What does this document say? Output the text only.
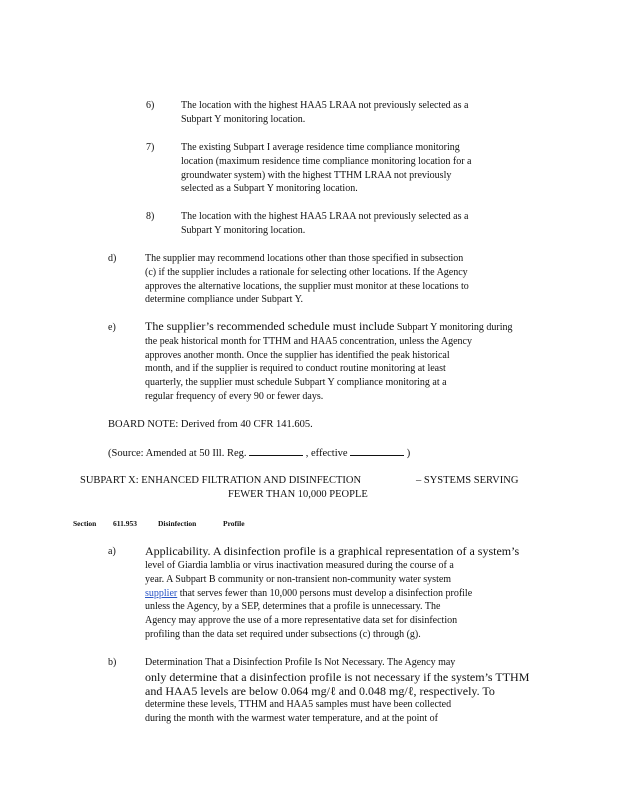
6)	The location with the highest HAA5 LRAA not previously selected as a
Subpart Y monitoring location.
7)	The existing Subpart I average residence time compliance monitoring
location (maximum residence time compliance monitoring location for a
groundwater system) with the highest TTHM LRAA not previously
selected as a Subpart Y monitoring location.
8)	The location with the highest HAA5 LRAA not previously selected as a
Subpart Y monitoring location.
d)	The supplier may recommend locations other than those specified in subsection
(c) if the supplier includes a rationale for selecting other locations. If the Agency
approves the alternative locations, the supplier must monitor at these locations to
determine compliance under Subpart Y.
e) The supplier’s recommended schedule must include Subpart Y monitoring during
the peak historical month for TTHM and HAA5 concentration, unless the Agency
approves another month. Once the supplier has identified the peak historical
month, and if the supplier is required to conduct routine monitoring at least
quarterly, the supplier must schedule Subpart Y compliance monitoring at a
regular frequency of every 90 or fewer days.
BOARD NOTE: Derived from 40 CFR 141.605.
(Source: Amended at 50 Ill. Reg.	, effective	)
SUBPART X: ENHANCED FILTRATION AND DISINFECTION	– SYSTEMS SERVING
FEWER THAN 10,000 PEOPLE
Section 611.953	Disinfection	Profile
a) Applicability. A disinfection profile is a graphical representation of a system’s
level of Giardia lamblia or virus inactivation measured during the course of a
year. A Subpart B community or non-transient non-community water system
supplier that serves fewer than 10,000 persons must develop a disinfection profile
unless the Agency, by a SEP, determines that a profile is unnecessary. The
Agency may approve the use of a more representative data set for disinfection
profiling than the data set required under subsections (c) through (g).
b)	Determination That a Disinfection Profile Is Not Necessary. The Agency may
only determine that a disinfection profile is not necessary if the system’s TTHM
and HAA5 levels are below 0.064 mg/ℓ and 0.048 mg/ℓ, respectively. To
determine these levels, TTHM and HAA5 samples must have been collected
during the month with the warmest water temperature, and at the point of
